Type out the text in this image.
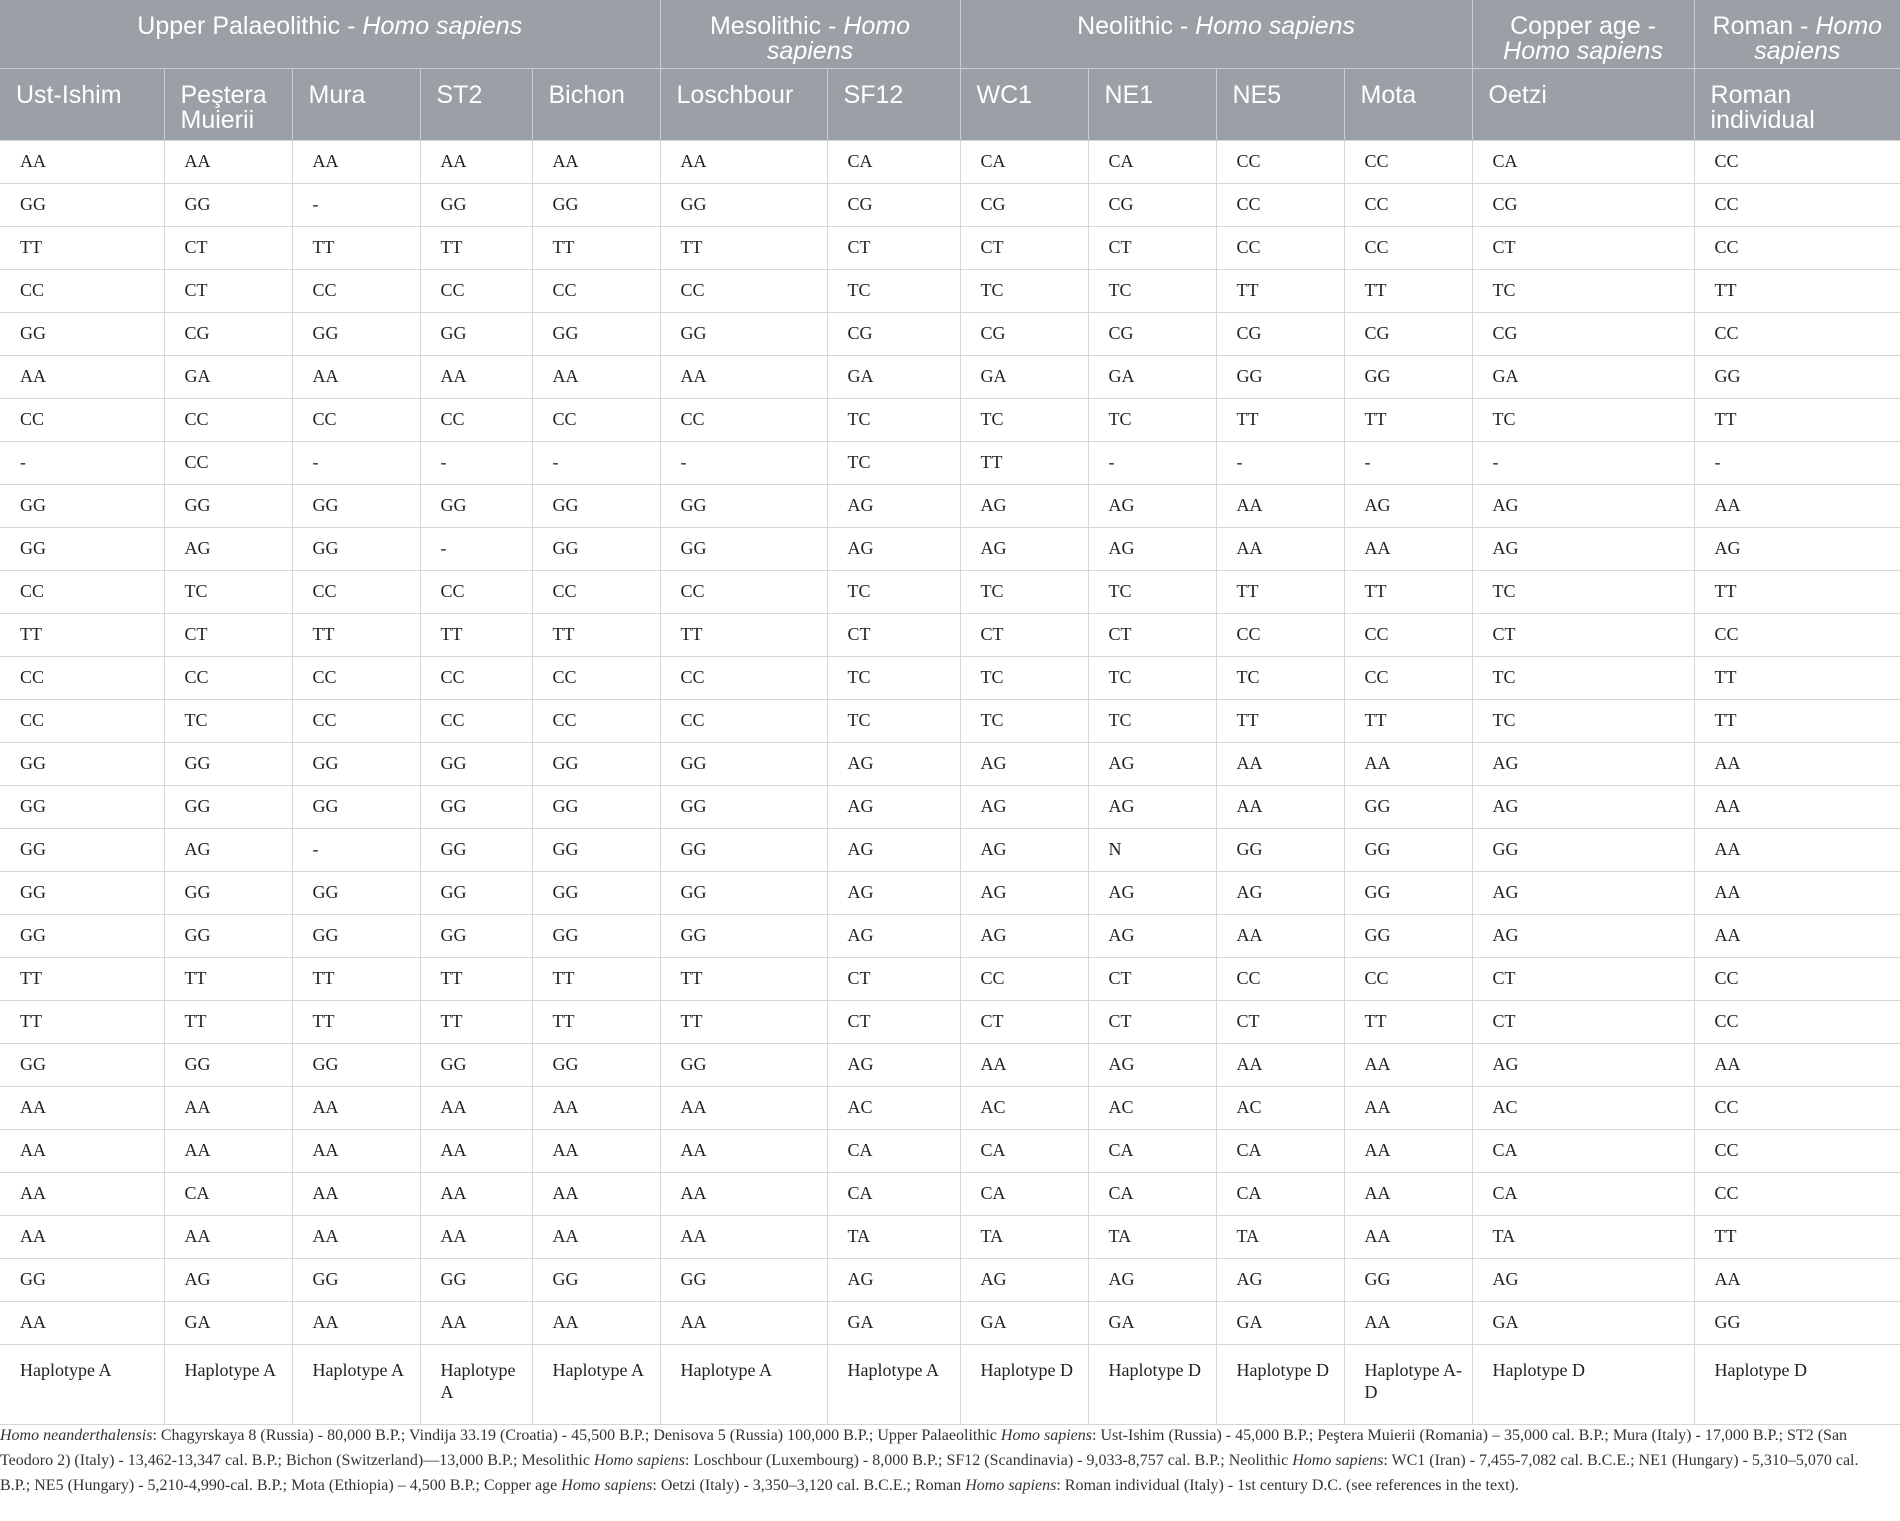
Upper Palaeolithic - Homo sapiens					Mesolithic - Homo sapiens		Neolithic - Homo sapiens				Copper age - Homo sapiens	Roman - Homo sapiens
Ust-Ishim	Peştera Muierii	Mura	ST2	Bichon	Loschbour	SF12	WC1	NE1	NE5	Mota	Oetzi	Roman individual
AA	AA	AA	AA	AA	AA	CA	CA	CA	CC	CC	CA	CC
GG	GG	-	GG	GG	GG	CG	CG	CG	CC	CC	CG	CC
TT	CT	TT	TT	TT	TT	CT	CT	CT	CC	CC	CT	CC
CC	CT	CC	CC	CC	CC	TC	TC	TC	TT	TT	TC	TT
GG	CG	GG	GG	GG	GG	CG	CG	CG	CG	CG	CG	CC
AA	GA	AA	AA	AA	AA	GA	GA	GA	GG	GG	GA	GG
CC	CC	CC	CC	CC	CC	TC	TC	TC	TT	TT	TC	TT
-	CC	-	-	-	-	TC	TT	-	-	-	-	-
GG	GG	GG	GG	GG	GG	AG	AG	AG	AA	AG	AG	AA
GG	AG	GG	-	GG	GG	AG	AG	AG	AA	AA	AG	AG
CC	TC	CC	CC	CC	CC	TC	TC	TC	TT	TT	TC	TT
TT	CT	TT	TT	TT	TT	CT	CT	CT	CC	CC	CT	CC
CC	CC	CC	CC	CC	CC	TC	TC	TC	TC	CC	TC	TT
CC	TC	CC	CC	CC	CC	TC	TC	TC	TT	TT	TC	TT
GG	GG	GG	GG	GG	GG	AG	AG	AG	AA	AA	AG	AA
GG	GG	GG	GG	GG	GG	AG	AG	AG	AA	GG	AG	AA
GG	AG	-	GG	GG	GG	AG	AG	N	GG	GG	GG	AA
GG	GG	GG	GG	GG	GG	AG	AG	AG	AG	GG	AG	AA
GG	GG	GG	GG	GG	GG	AG	AG	AG	AA	GG	AG	AA
TT	TT	TT	TT	TT	TT	CT	CC	CT	CC	CC	CT	CC
TT	TT	TT	TT	TT	TT	CT	CT	CT	CT	TT	CT	CC
GG	GG	GG	GG	GG	GG	AG	AA	AG	AA	AA	AG	AA
AA	AA	AA	AA	AA	AA	AC	AC	AC	AC	AA	AC	CC
AA	AA	AA	AA	AA	AA	CA	CA	CA	CA	AA	CA	CC
AA	CA	AA	AA	AA	AA	CA	CA	CA	CA	AA	CA	CC
AA	AA	AA	AA	AA	AA	TA	TA	TA	TA	AA	TA	TT
GG	AG	GG	GG	GG	GG	AG	AG	AG	AG	GG	AG	AA
AA	GA	AA	AA	AA	AA	GA	GA	GA	GA	AA	GA	GG
Haplotype A	Haplotype A	Haplotype A	Haplotype A	Haplotype A	Haplotype A	Haplotype A	Haplotype D	Haplotype D	Haplotype D	Haplotype A-D	Haplotype D	Haplotype D
Homo neanderthalensis: Chagyrskaya 8 (Russia) - 80,000 B.P.; Vindija 33.19 (Croatia) - 45,500 B.P.; Denisova 5 (Russia) 100,000 B.P.; Upper Palaeolithic Homo sapiens: Ust-Ishim (Russia) - 45,000 B.P.; Peştera Muierii (Romania) – 35,000 cal. B.P.; Mura (Italy) - 17,000 B.P.; ST2 (San Teodoro 2) (Italy) - 13,462-13,347 cal. B.P.; Bichon (Switzerland)—13,000 B.P.; Mesolithic Homo sapiens: Loschbour (Luxembourg) - 8,000 B.P.; SF12 (Scandinavia) - 9,033-8,757 cal. B.P.; Neolithic Homo sapiens: WC1 (Iran) - 7,455-7,082 cal. B.C.E.; NE1 (Hungary) - 5,310–5,070 cal. B.P.; NE5 (Hungary) - 5,210-4,990-cal. B.P.; Mota (Ethiopia) – 4,500 B.P.; Copper age Homo sapiens: Oetzi (Italy) - 3,350–3,120 cal. B.C.E.; Roman Homo sapiens: Roman individual (Italy) - 1st century D.C. (see references in the text).
